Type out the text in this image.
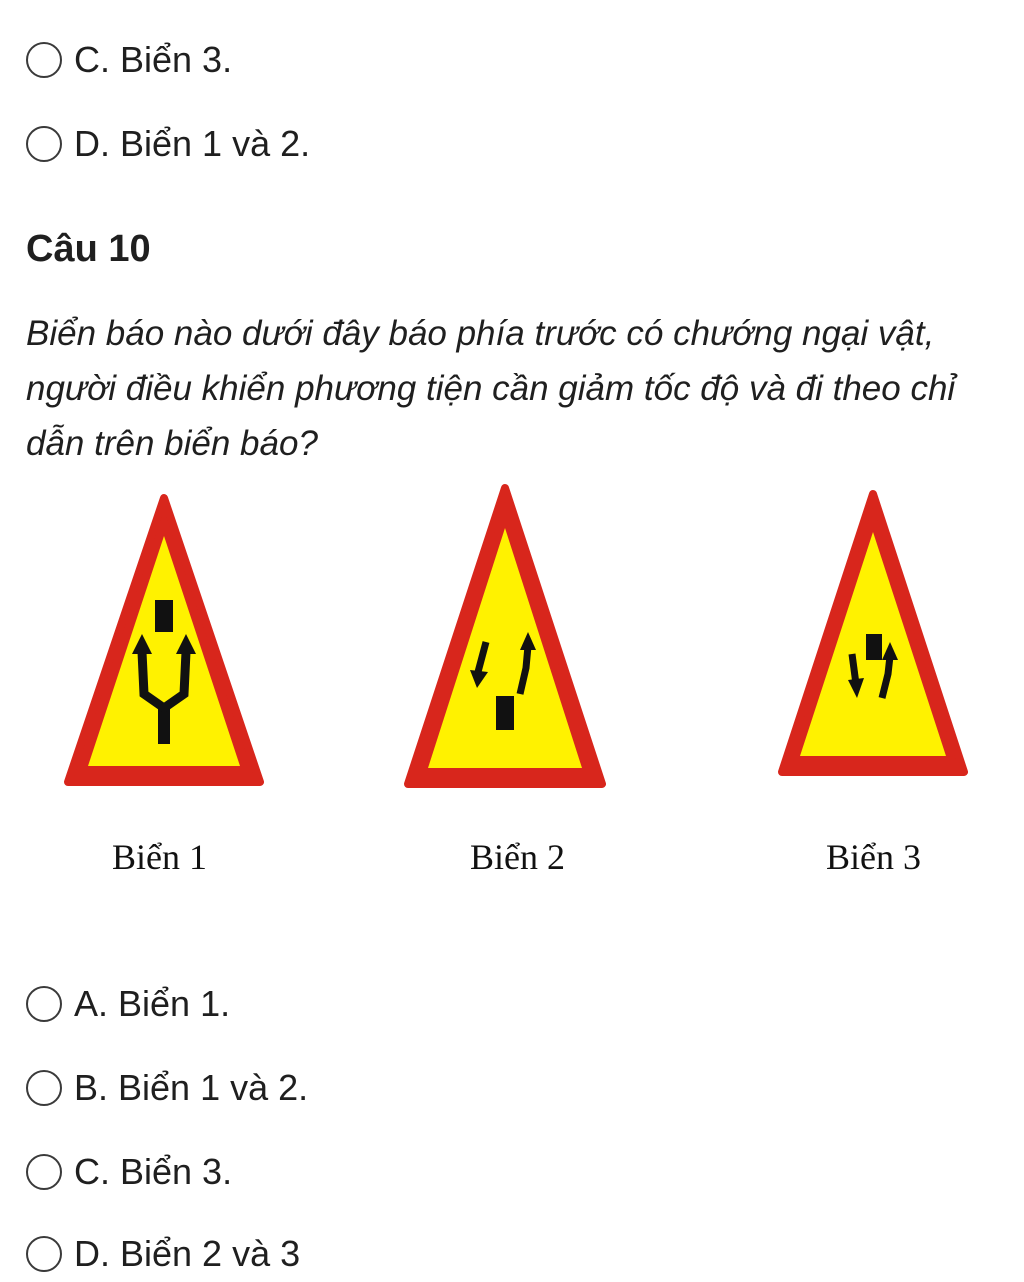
C. Biển 3.
D. Biển 1 và 2.
Câu 10
Biển báo nào dưới đây báo phía trước có chướng ngại vật, người điều khiển phương tiện cần giảm tốc độ và đi theo chỉ dẫn trên biển báo?
Biển 1	Biển 2	Biển 3
A. Biển 1.
B. Biển 1 và 2.
C. Biển 3.
D. Biển 2 và 3
